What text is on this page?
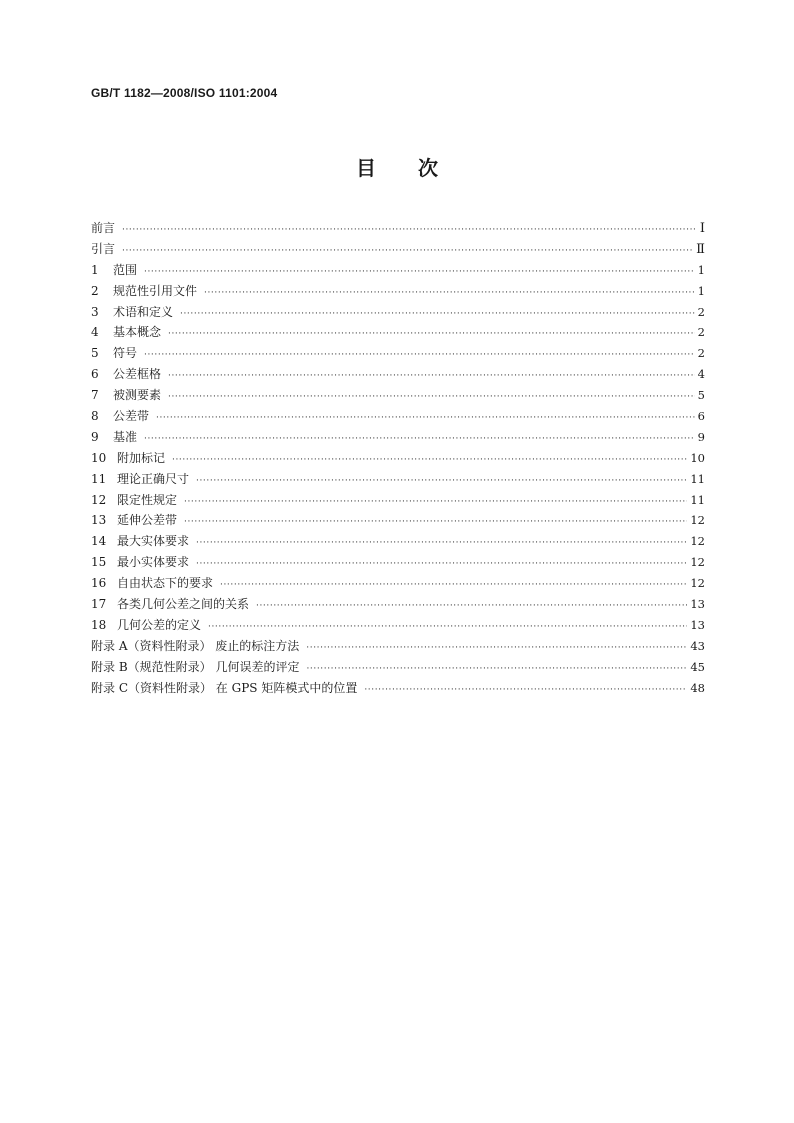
GB/T 1182—2008/ISO 1101:2004
目 次
前言 ·····	Ⅰ
引言 ·····	Ⅱ
1	范围 ·····	1
2	规范性引用文件 ·····	1
3	术语和定义 ·····	2
4	基本概念 ·····	2
5	符号 ·····	2
6	公差框格 ·····	4
7	被测要素 ·····	5
8	公差带 ·····	6
9	基准 ·····	9
10 附加标记 ·····	10
11 理论正确尺寸 ·····	11
12 限定性规定 ·····	11
13 延伸公差带 ·····	12
14 最大实体要求 ·····	12
15 最小实体要求 ·····	12
16 自由状态下的要求 ·····	12
17 各类几何公差之间的关系 ·····	13
18 几何公差的定义 ·····	13
附录 A（资料性附录） 废止的标注方法 ·····	43
附录 B（规范性附录） 几何误差的评定 ·····	45
附录 C（资料性附录） 在 GPS 矩阵模式中的位置 ·····	48
